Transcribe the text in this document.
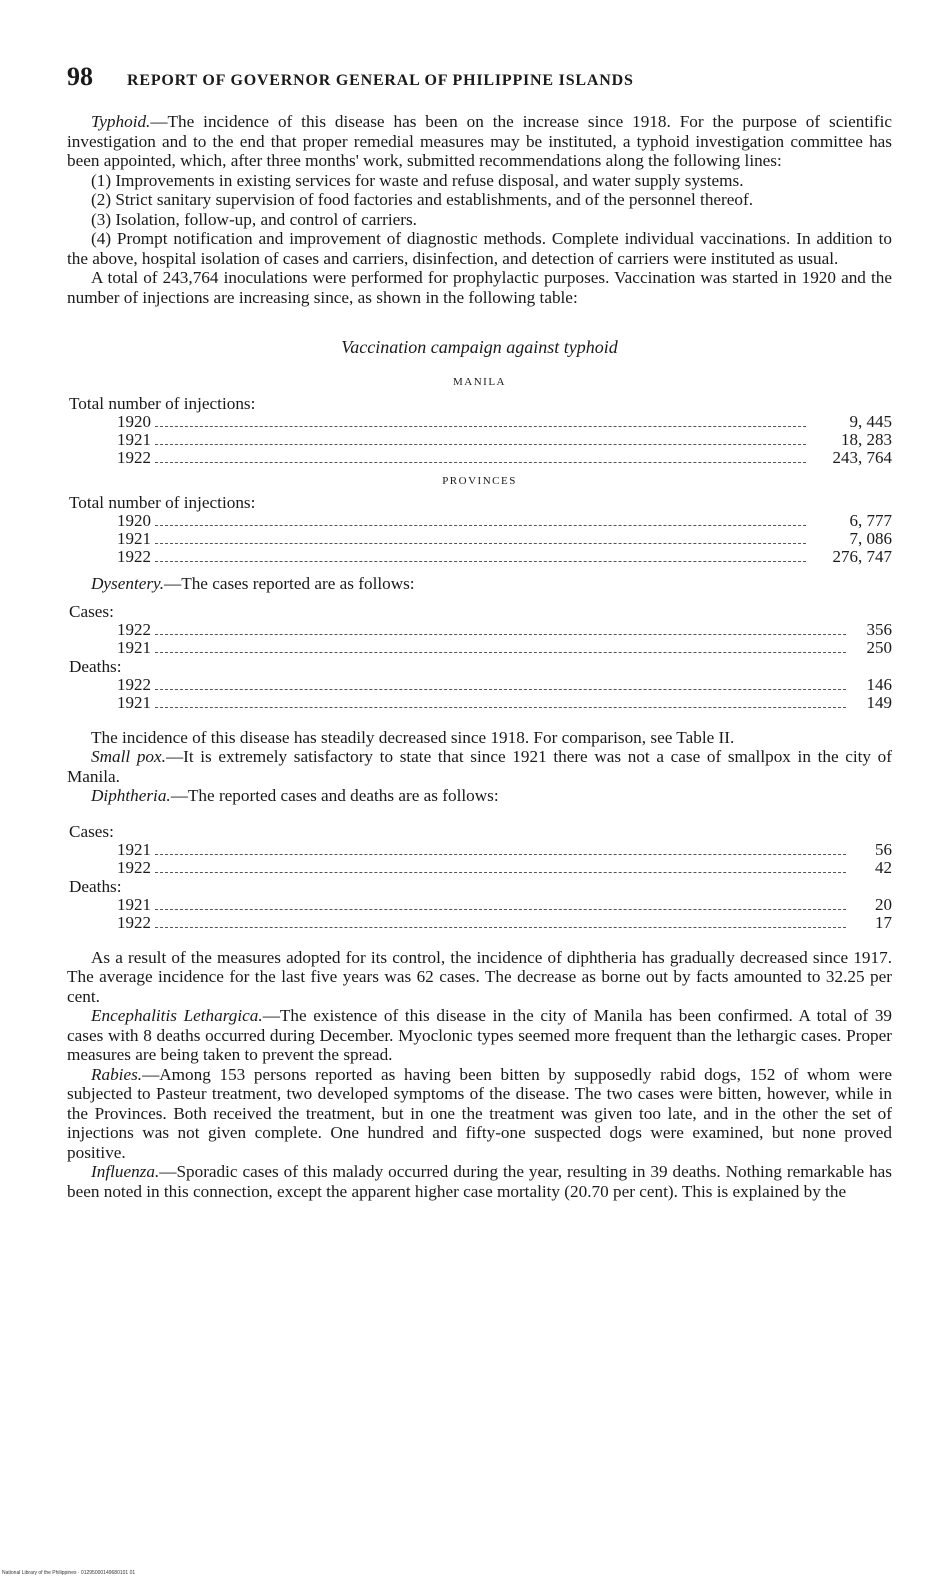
98 REPORT OF GOVERNOR GENERAL OF PHILIPPINE ISLANDS

Typhoid.—The incidence of this disease has been on the increase since 1918. For the purpose of scientific investigation and to the end that proper remedial measures may be instituted, a typhoid investigation committee has been appointed, which, after three months' work, submitted recommendations along the following lines:

(1) Improvements in existing services for waste and refuse disposal, and water supply systems.

(2) Strict sanitary supervision of food factories and establishments, and of the personnel thereof.

(3) Isolation, follow-up, and control of carriers.

(4) Prompt notification and improvement of diagnostic methods. Complete individual vaccinations. In addition to the above, hospital isolation of cases and carriers, disinfection, and detection of carriers were instituted as usual.

A total of 243,764 inoculations were performed for prophylactic purposes. Vaccination was started in 1920 and the number of injections are increasing since, as shown in the following table:

Vaccination campaign against typhoid
MANILA
Total number of injections:
1920	9, 445
1921	18, 283
1922	243, 764
PROVINCES
Total number of injections:
1920	6, 777
1921	7, 086
1922	276, 747

Dysentery.—The cases reported are as follows:

Cases:
1922	356
1921	250
Deaths:
1922	146
1921	149

The incidence of this disease has steadily decreased since 1918. For comparison, see Table II.

Small pox.—It is extremely satisfactory to state that since 1921 there was not a case of smallpox in the city of Manila.

Diphtheria.—The reported cases and deaths are as follows:

Cases:
1921	56
1922	42
Deaths:
1921	20
1922	17

As a result of the measures adopted for its control, the incidence of diphtheria has gradually decreased since 1917. The average incidence for the last five years was 62 cases. The decrease as borne out by facts amounted to 32.25 per cent.

Encephalitis Lethargica.—The existence of this disease in the city of Manila has been confirmed. A total of 39 cases with 8 deaths occurred during December. Myoclonic types seemed more frequent than the lethargic cases. Proper measures are being taken to prevent the spread.

Rabies.—Among 153 persons reported as having been bitten by supposedly rabid dogs, 152 of whom were subjected to Pasteur treatment, two developed symptoms of the disease. The two cases were bitten, however, while in the Provinces. Both received the treatment, but in one the treatment was given too late, and in the other the set of injections was not given complete. One hundred and fifty-one suspected dogs were examined, but none proved positive.

Influenza.—Sporadic cases of this malady occurred during the year, resulting in 39 deaths. Nothing remarkable has been noted in this connection, except the apparent higher case mortality (20.70 per cent). This is explained by the

National Library of the Philippines · 01295000149680101 01
